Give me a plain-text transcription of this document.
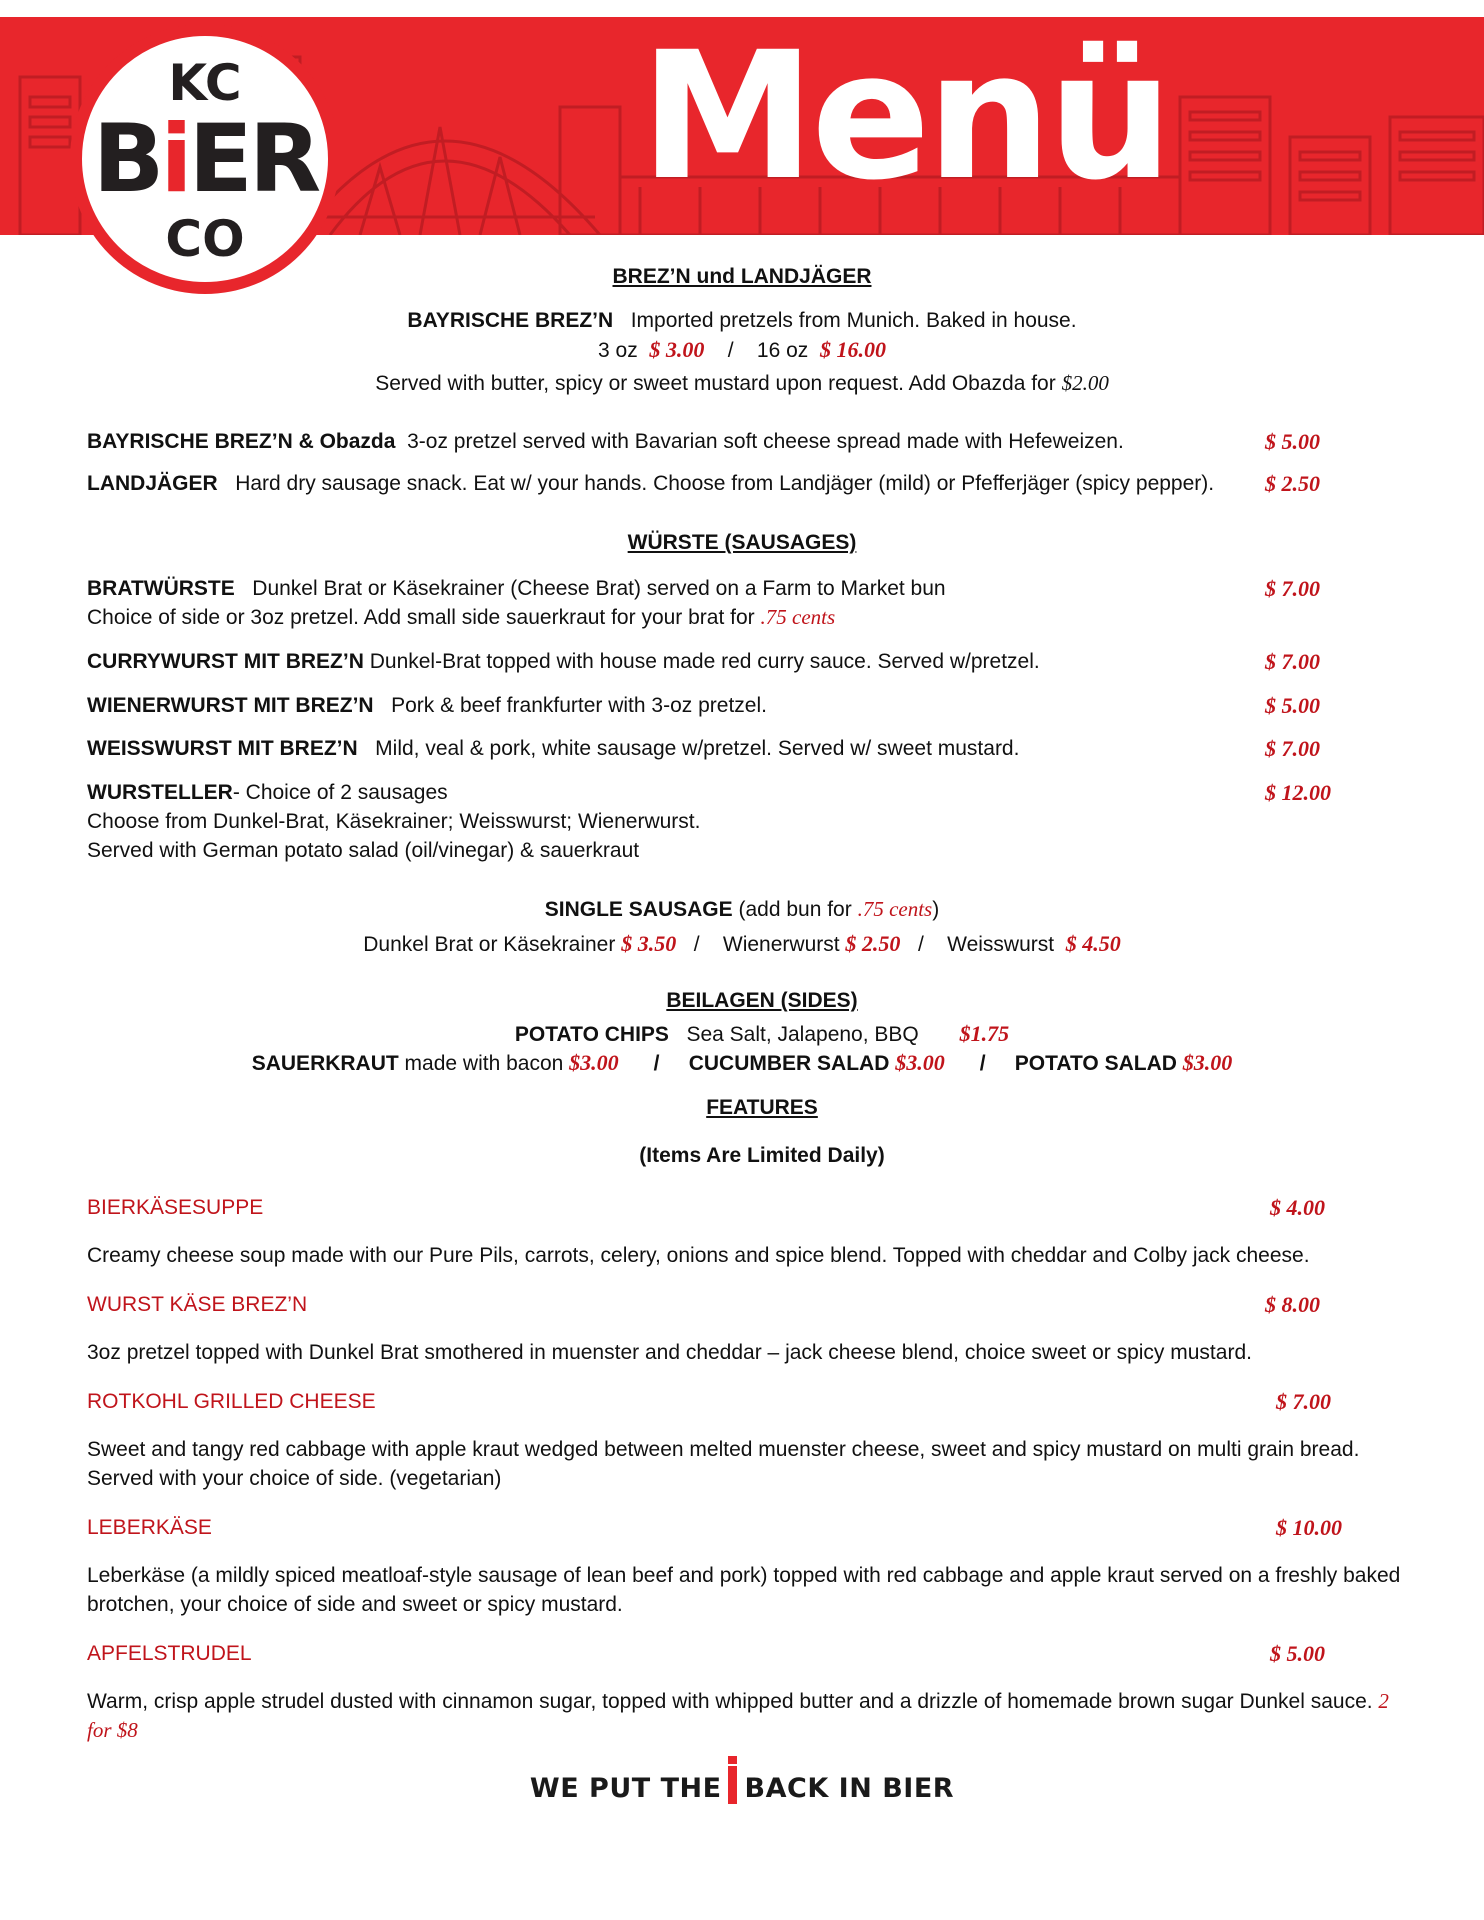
Menü
KC
BiER
CO
BREZ’N und LANDJÄGER
BAYRISCHE BREZ’N Imported pretzels from Munich. Baked in house.
3 oz $ 3.00 / 16 oz $ 16.00
Served with butter, spicy or sweet mustard upon request. Add Obazda for $2.00
BAYRISCHE BREZ’N & Obazda 3-oz pretzel served with Bavarian soft cheese spread made with Hefeweizen.	$ 5.00
LANDJÄGER Hard dry sausage snack. Eat w/ your hands. Choose from Landjäger (mild) or Pfefferjäger (spicy pepper). $ 2.50
WÜRSTE (SAUSAGES)
BRATWÜRSTE Dunkel Brat or Käsekrainer (Cheese Brat) served on a Farm to Market bun	$ 7.00
Choice of side or 3oz pretzel. Add small side sauerkraut for your brat for .75 cents
CURRYWURST MIT BREZ’N Dunkel-Brat topped with house made red curry sauce. Served w/pretzel.	$ 7.00
WIENERWURST MIT BREZ’N Pork & beef frankfurter with 3-oz pretzel.	$ 5.00
WEISSWURST MIT BREZ’N Mild, veal & pork, white sausage w/pretzel. Served w/ sweet mustard.	$ 7.00
WURSTELLER- Choice of 2 sausages	$ 12.00
Choose from Dunkel-Brat, Käsekrainer; Weisswurst; Wienerwurst.
Served with German potato salad (oil/vinegar) & sauerkraut
SINGLE SAUSAGE (add bun for .75 cents)
Dunkel Brat or Käsekrainer $ 3.50 / Wienerwurst $ 2.50 / Weisswurst  $ 4.50
BEILAGEN (SIDES)
POTATO CHIPS Sea Salt, Jalapeno, BBQ $1.75
SAUERKRAUT made with bacon $3.00 / CUCUMBER SALAD $3.00 / POTATO SALAD $3.00
FEATURES
(Items Are Limited Daily)
BIERKÄSESUPPE	$ 4.00
Creamy cheese soup made with our Pure Pils, carrots, celery, onions and spice blend. Topped with cheddar and Colby jack cheese.
WURST KÄSE BREZ’N	$ 8.00
3oz pretzel topped with Dunkel Brat smothered in muenster and cheddar – jack cheese blend, choice sweet or spicy mustard.
ROTKOHL GRILLED CHEESE	$ 7.00
Sweet and tangy red cabbage with apple kraut wedged between melted muenster cheese, sweet and spicy mustard on multi grain bread. Served with your choice of side. (vegetarian)
LEBERKÄSE	$ 10.00
Leberkäse (a mildly spiced meatloaf-style sausage of lean beef and pork) topped with red cabbage and apple kraut served on a freshly baked brotchen, your choice of side and sweet or spicy mustard.
APFELSTRUDEL	$ 5.00
Warm, crisp apple strudel dusted with cinnamon sugar, topped with whipped butter and a drizzle of homemade brown sugar Dunkel sauce. 2 for $8
WE PUT THE BACK IN BIER
